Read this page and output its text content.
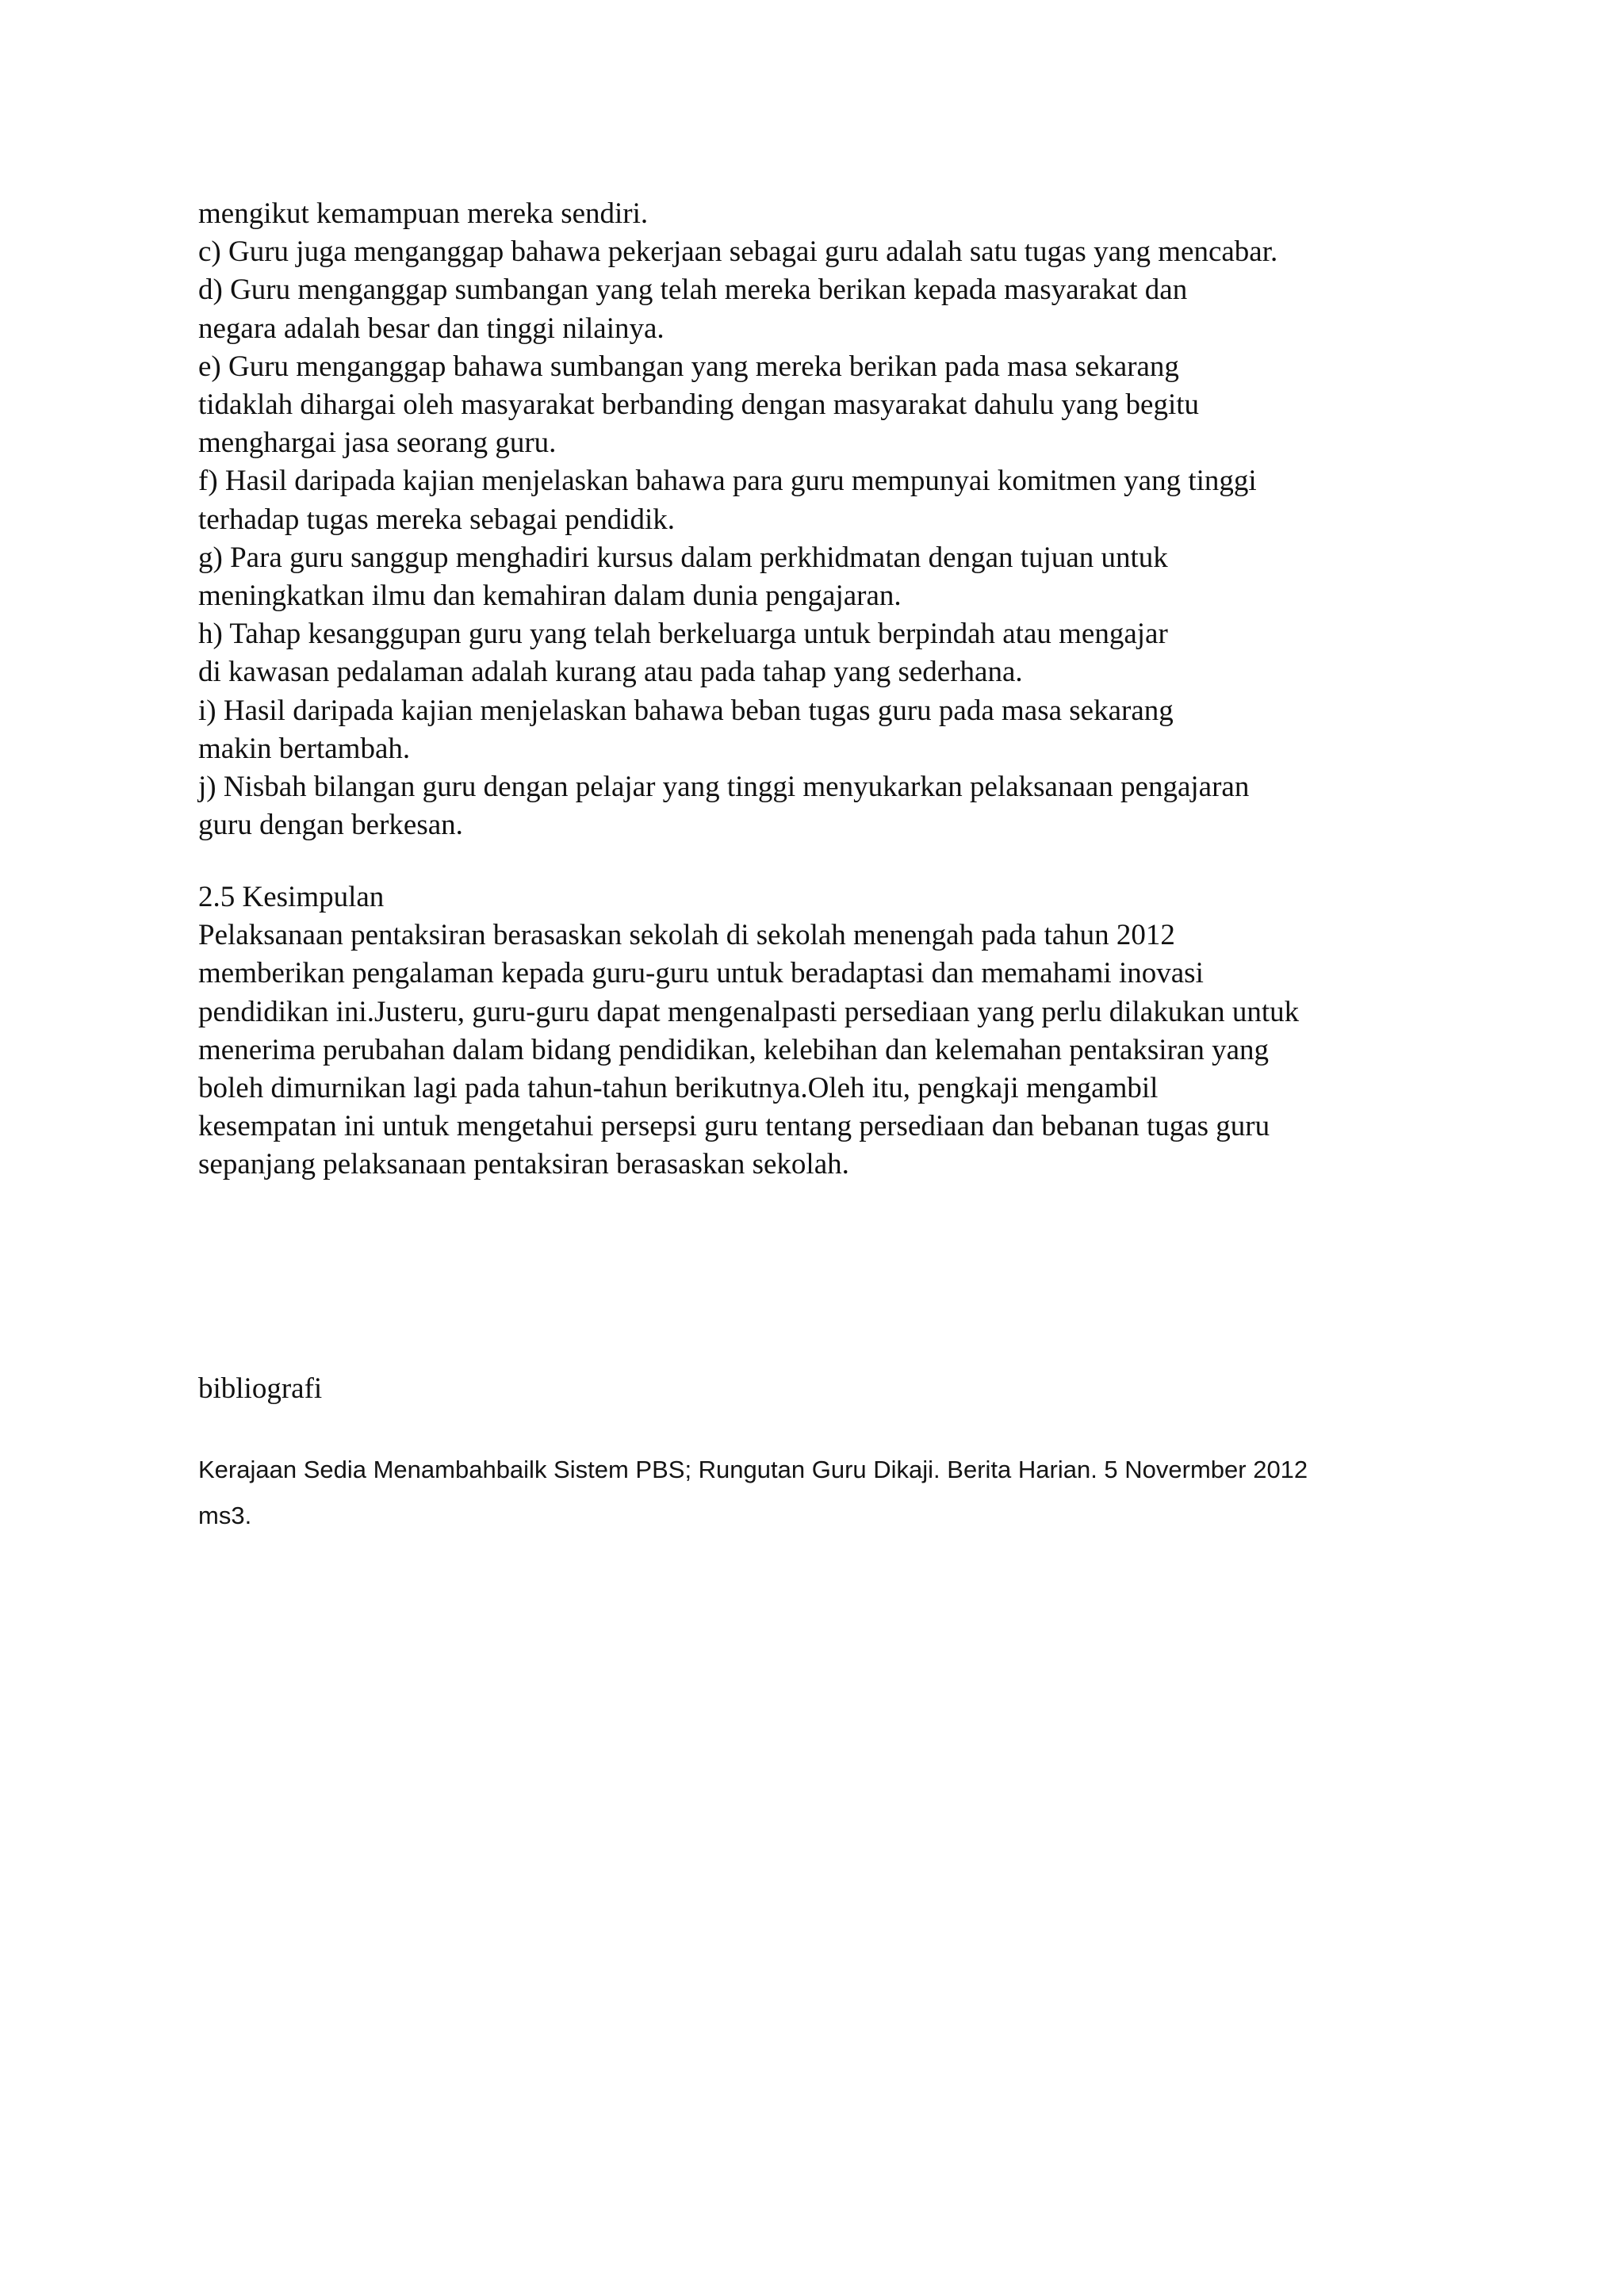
mengikut kemampuan mereka sendiri.
c) Guru juga menganggap bahawa pekerjaan sebagai guru adalah satu tugas yang mencabar.
d) Guru menganggap sumbangan yang telah mereka berikan kepada masyarakat dan
negara adalah besar dan tinggi nilainya.
e) Guru menganggap bahawa sumbangan yang mereka berikan pada masa sekarang
tidaklah dihargai oleh masyarakat berbanding dengan masyarakat dahulu yang begitu
menghargai jasa seorang guru.
f) Hasil daripada kajian menjelaskan bahawa para guru mempunyai komitmen yang tinggi
terhadap tugas mereka sebagai pendidik.
g) Para guru sanggup menghadiri kursus dalam perkhidmatan dengan tujuan untuk
meningkatkan ilmu dan kemahiran dalam dunia pengajaran.
h) Tahap kesanggupan guru yang telah berkeluarga untuk berpindah atau mengajar
di kawasan pedalaman adalah kurang atau pada tahap yang sederhana.
i) Hasil daripada kajian menjelaskan bahawa beban tugas guru pada masa sekarang
makin bertambah.
j) Nisbah bilangan guru dengan pelajar yang tinggi menyukarkan pelaksanaan pengajaran
guru dengan berkesan.
2.5 Kesimpulan
Pelaksanaan pentaksiran berasaskan sekolah di sekolah menengah pada tahun 2012
memberikan pengalaman kepada guru-guru untuk beradaptasi dan memahami inovasi
pendidikan ini.Justeru, guru-guru dapat mengenalpasti persediaan yang perlu dilakukan untuk
menerima perubahan dalam bidang pendidikan, kelebihan dan kelemahan pentaksiran yang
boleh dimurnikan lagi pada tahun-tahun berikutnya.Oleh itu, pengkaji mengambil
kesempatan ini untuk mengetahui persepsi guru tentang persediaan dan bebanan tugas guru
sepanjang pelaksanaan pentaksiran berasaskan sekolah.
bibliografi
Kerajaan Sedia Menambahbailk Sistem PBS; Rungutan Guru Dikaji. Berita Harian. 5 Novermber 2012
ms3.
